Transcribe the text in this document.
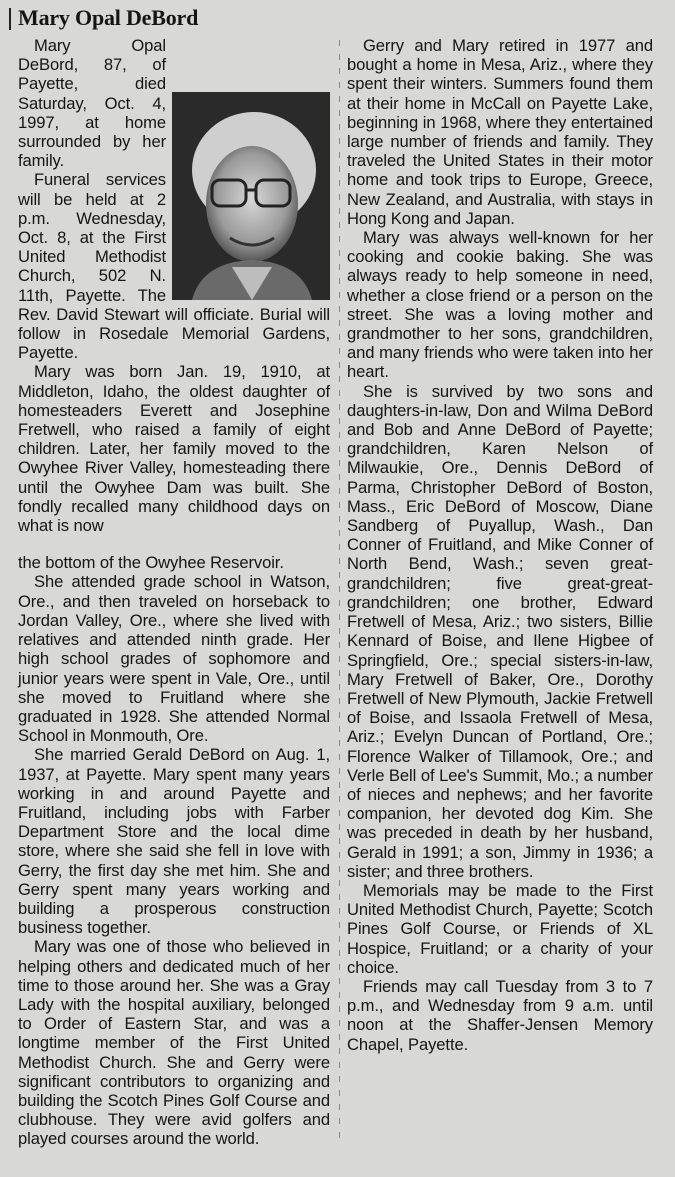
Mary Opal DeBord

Mary Opal DeBord, 87, of Payette, died Saturday, Oct. 4, 1997, at home surrounded by her family.

Funeral services will be held at 2 p.m. Wednesday, Oct. 8, at the First United Methodist Church, 502 N. 11th, Payette. The Rev. David Stewart will officiate. Burial will follow in Rosedale Memorial Gardens, Payette.

Mary was born Jan. 19, 1910, at Middleton, Idaho, the oldest daughter of homesteaders Everett and Josephine Fretwell, who raised a family of eight children. Later, her family moved to the Owyhee River Valley, homesteading there until the Owyhee Dam was built. She fondly recalled many childhood days on what is now

the bottom of the Owyhee Reservoir.

She attended grade school in Watson, Ore., and then traveled on horseback to Jordan Valley, Ore., where she lived with relatives and attended ninth grade. Her high school grades of sophomore and junior years were spent in Vale, Ore., until she moved to Fruitland where she graduated in 1928. She attended Normal School in Monmouth, Ore.

She married Gerald DeBord on Aug. 1, 1937, at Payette. Mary spent many years working in and around Payette and Fruitland, including jobs with Farber Department Store and the local dime store, where she said she fell in love with Gerry, the first day she met him. She and Gerry spent many years working and building a prosperous construction business together.

Mary was one of those who believed in helping others and dedicated much of her time to those around her. She was a Gray Lady with the hospital auxiliary, belonged to Order of Eastern Star, and was a longtime member of the First United Methodist Church. She and Gerry were significant contributors to organizing and building the Scotch Pines Golf Course and clubhouse. They were avid golfers and played courses around the world.

Gerry and Mary retired in 1977 and bought a home in Mesa, Ariz., where they spent their winters. Summers found them at their home in McCall on Payette Lake, beginning in 1968, where they entertained large number of friends and family. They traveled the United States in their motor home and took trips to Europe, Greece, New Zealand, and Australia, with stays in Hong Kong and Japan.

Mary was always well-known for her cooking and cookie baking. She was always ready to help someone in need, whether a close friend or a person on the street. She was a loving mother and grandmother to her sons, grandchildren, and many friends who were taken into her heart.

She is survived by two sons and daughters-in-law, Don and Wilma DeBord and Bob and Anne DeBord of Payette; grandchildren, Karen Nelson of Milwaukie, Ore., Dennis DeBord of Parma, Christopher DeBord of Boston, Mass., Eric DeBord of Moscow, Diane Sandberg of Puyallup, Wash., Dan Conner of Fruitland, and Mike Conner of North Bend, Wash.; seven great-grandchildren; five great-great-grandchildren; one brother, Edward Fretwell of Mesa, Ariz.; two sisters, Billie Kennard of Boise, and Ilene Higbee of Springfield, Ore.; special sisters-in-law, Mary Fretwell of Baker, Ore., Dorothy Fretwell of New Plymouth, Jackie Fretwell of Boise, and Issaola Fretwell of Mesa, Ariz.; Evelyn Duncan of Portland, Ore.; Florence Walker of Tillamook, Ore.; and Verle Bell of Lee's Summit, Mo.; a number of nieces and nephews; and her favorite companion, her devoted dog Kim. She was preceded in death by her husband, Gerald in 1991; a son, Jimmy in 1936; a sister; and three brothers.

Memorials may be made to the First United Methodist Church, Payette; Scotch Pines Golf Course, or Friends of XL Hospice, Fruitland; or a charity of your choice.

Friends may call Tuesday from 3 to 7 p.m., and Wednesday from 9 a.m. until noon at the Shaffer-Jensen Memory Chapel, Payette.
